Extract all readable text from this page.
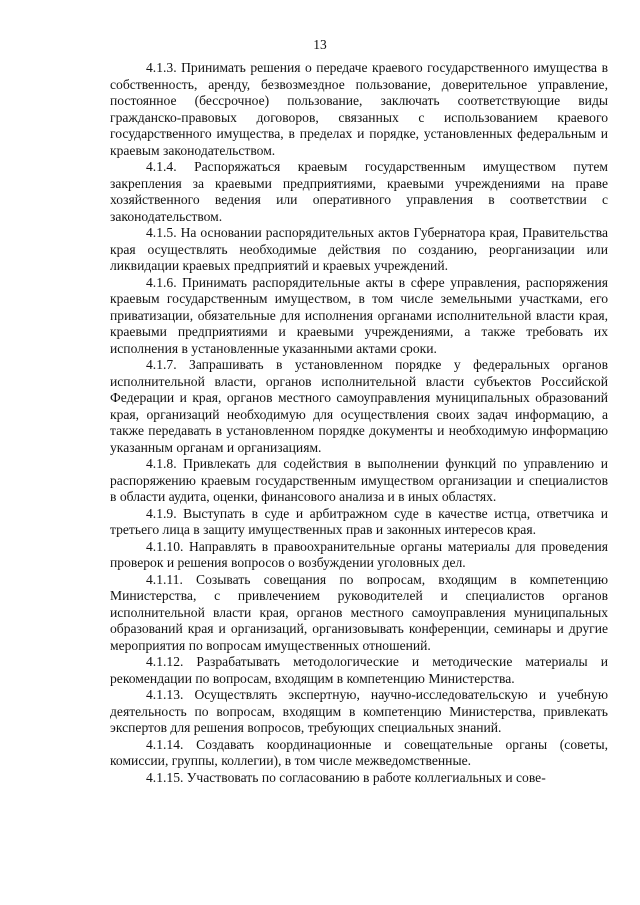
13

4.1.3. Принимать решения о передаче краевого государственного имущества в собственность, аренду, безвозмездное пользование, доверительное управление, постоянное (бессрочное) пользование, заключать соответствующие виды гражданско-правовых договоров, связанных с использованием краевого государственного имущества, в пределах и порядке, установленных федеральным и краевым законодательством.

4.1.4. Распоряжаться краевым государственным имуществом путем закрепления за краевыми предприятиями, краевыми учреждениями на праве хозяйственного ведения или оперативного управления в соответствии с законодательством.

4.1.5. На основании распорядительных актов Губернатора края, Правительства края осуществлять необходимые действия по созданию, реорганизации или ликвидации краевых предприятий и краевых учреждений.

4.1.6. Принимать распорядительные акты в сфере управления, распоряжения краевым государственным имуществом, в том числе земельными участками, его приватизации, обязательные для исполнения органами исполнительной власти края, краевыми предприятиями и краевыми учреждениями, а также требовать их исполнения в установленные указанными актами сроки.

4.1.7. Запрашивать в установленном порядке у федеральных органов исполнительной власти, органов исполнительной власти субъектов Российской Федерации и края, органов местного самоуправления муниципальных образований края, организаций необходимую для осуществления своих задач информацию, а также передавать в установленном порядке документы и необходимую информацию указанным органам и организациям.

4.1.8. Привлекать для содействия в выполнении функций по управлению и распоряжению краевым государственным имуществом организации и специалистов в области аудита, оценки, финансового анализа и в иных областях.

4.1.9. Выступать в суде и арбитражном суде в качестве истца, ответчика и третьего лица в защиту имущественных прав и законных интересов края.

4.1.10. Направлять в правоохранительные органы материалы для проведения проверок и решения вопросов о возбуждении уголовных дел.

4.1.11. Созывать совещания по вопросам, входящим в компетенцию Министерства, с привлечением руководителей и специалистов органов исполнительной власти края, органов местного самоуправления муниципальных образований края и организаций, организовывать конференции, семинары и другие мероприятия по вопросам имущественных отношений.

4.1.12. Разрабатывать методологические и методические материалы и рекомендации по вопросам, входящим в компетенцию Министерства.

4.1.13. Осуществлять экспертную, научно-исследовательскую и учебную деятельность по вопросам, входящим в компетенцию Министерства, привлекать экспертов для решения вопросов, требующих специальных знаний.

4.1.14. Создавать координационные и совещательные органы (советы, комиссии, группы, коллегии), в том числе межведомственные.

4.1.15. Участвовать по согласованию в работе коллегиальных и сове-
